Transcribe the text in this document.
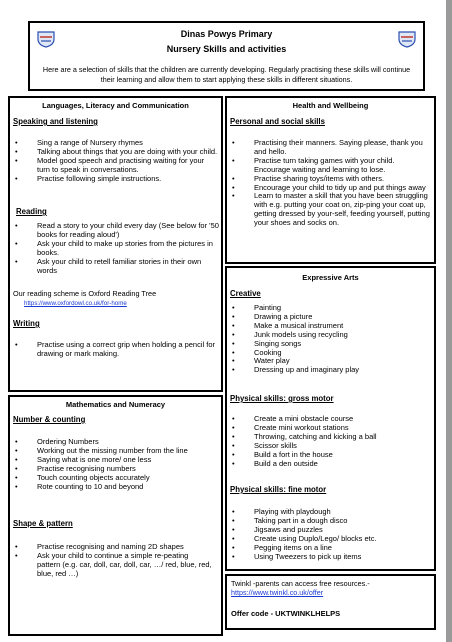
Dinas Powys Primary
Nursery Skills and activities
Here are a selection of skills that the children are currently developing. Regularly practising these skills will continue their learning and allow them to start applying these skills in different situations.
Languages, Literacy and Communication
Speaking and listening
• Sing a range of Nursery rhymes
• Talking about things that you are doing with your child.
• Model good speech and practising waiting for your turn to speak in conversations.
• Practise following simple instructions.
Reading
• Read a story to your child every day (See below for '50 books for reading aloud')
• Ask your child to make up stories from the pictures in books.
• Ask your child to retell familiar stories in their own words
Our reading scheme is Oxford Reading Tree
https://www.oxfordowl.co.uk/for-home
Writing
• Practise using a correct grip when holding a pencil for drawing or mark making.
Mathematics and Numeracy
Number & counting
• Ordering Numbers
• Working out the missing number from the line
• Saying what is one more/ one less
• Practise recognising numbers
• Touch counting objects accurately
• Rote counting to 10 and beyond
Shape & pattern
• Practise recognising and naming 2D shapes
• Ask your child to continue a simple re-peating pattern (e.g. car, doll, car, doll, car, …/ red, blue, red, blue, red …)
Health and Wellbeing
Personal and social skills
• Practising their manners. Saying please, thank you and hello.
• Practise turn taking games with your child. Encourage waiting and learning to lose.
• Practise sharing toys/items with others.
• Encourage your child to tidy up and put things away
• Learn to master a skill that you have been struggling with e.g. putting your coat on, zip-ping your coat up, getting dressed by your-self, feeding yourself, putting your shoes and socks on.
Expressive Arts
Creative
• Painting
• Drawing a picture
• Make a musical instrument
• Junk models using recycling
• Singing songs
• Cooking
• Water play
• Dressing up and imaginary play
Physical skills: gross motor
• Create a mini obstacle course
• Create mini workout stations
• Throwing, catching and kicking a ball
• Scissor skills
• Build a fort in the house
• Build a den outside
Physical skills: fine motor
• Playing with playdough
• Taking part in a dough disco
• Jigsaws and puzzles
• Create using Duplo/Lego/ blocks etc.
• Pegging items on a line
• Using Tweezers to pick up items
Twinkl -parents can access free resources.- https://www.twinkl.co.uk/offer
Offer code - UKTWINKLHELPS
